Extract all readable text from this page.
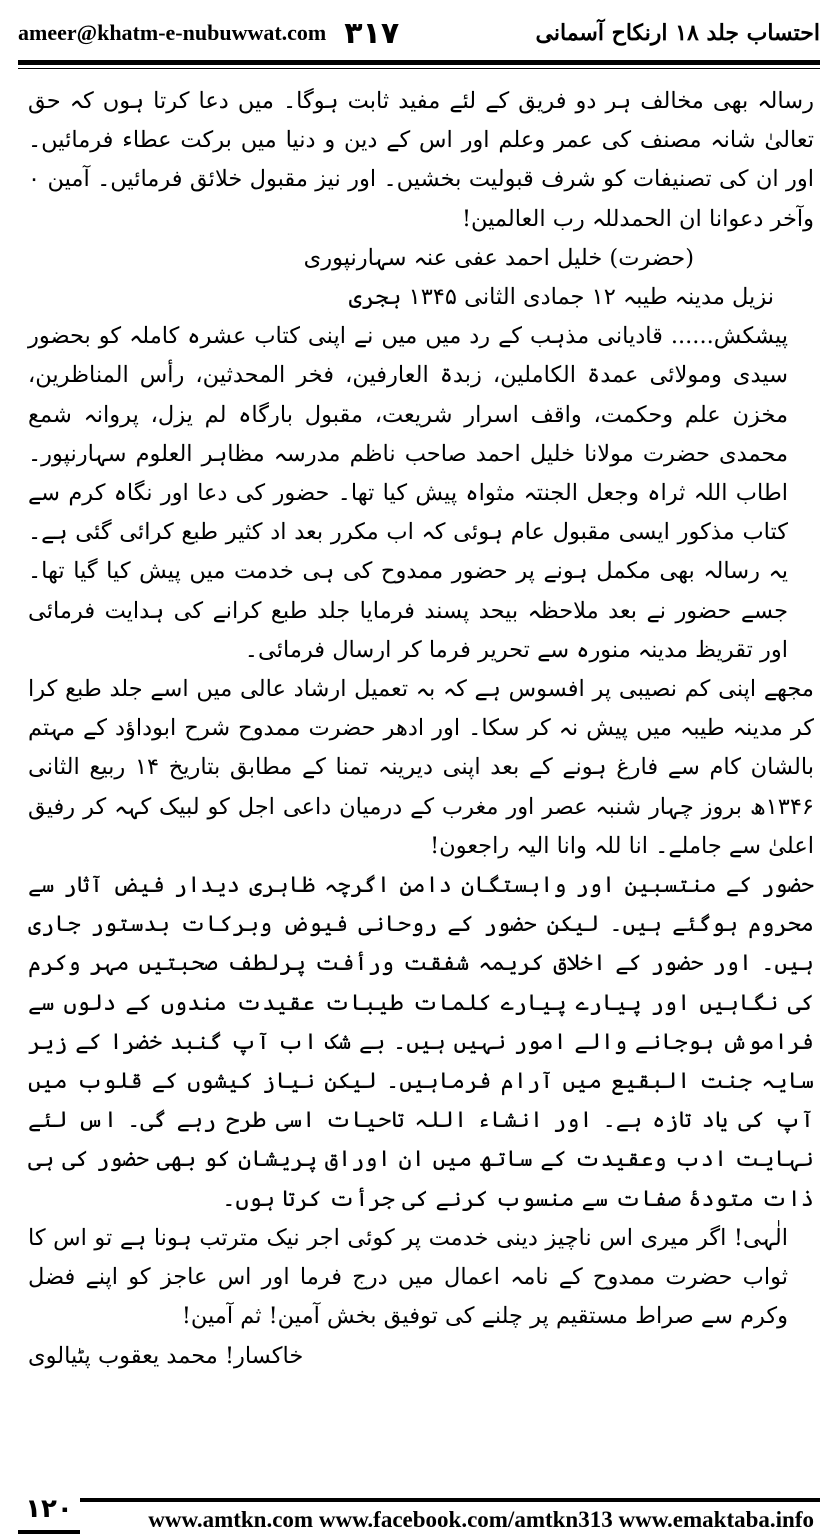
ameer@khatm-e-nubuwwat.com ۳۱۷	احتساب جلد ۱۸ ارنکاح آسمانی

رسالہ بھی مخالف ہر دو فریق کے لئے مفید ثابت ہوگا۔ میں دعا کرتا ہوں کہ حق تعالیٰ شانہ مصنف کی عمر وعلم اور اس کے دین و دنیا میں برکت عطاء فرمائیں۔ اور ان کی تصنیفات کو شرف قبولیت بخشیں۔ اور نیز مقبول خلائق فرمائیں۔ آمین ۰ وآخر دعوانا ان الحمدللہ رب العالمین!

(حضرت) خلیل احمد عفی عنہ سہارنپوری

نزیل مدینہ طیبہ ۱۲ جمادی الثانی ۱۳۴۵ ہجری

پیشکش...... قادیانی مذہب کے رد میں میں نے اپنی کتاب عشرہ کاملہ کو بحضور سیدی ومولائی عمدۃ الکاملین، زبدۃ العارفین، فخر المحدثین، رأس المناظرین، مخزن علم وحکمت، واقف اسرار شریعت، مقبول بارگاہ لم یزل، پروانہ شمع محمدی حضرت مولانا خلیل احمد صاحب ناظم مدرسہ مظاہر العلوم سہارنپور۔ اطاب اللہ ثراہ وجعل الجنتہ مثواہ پیش کیا تھا۔ حضور کی دعا اور نگاہ کرم سے کتاب مذکور ایسی مقبول عام ہوئی کہ اب مکرر بعد اد کثیر طبع کرائی گئی ہے۔ یہ رسالہ بھی مکمل ہونے پر حضور ممدوح کی ہی خدمت میں پیش کیا گیا تھا۔ جسے حضور نے بعد ملاحظہ بیحد پسند فرمایا جلد طبع کرانے کی ہدایت فرمائی اور تقریظ مدینہ منورہ سے تحریر فرما کر ارسال فرمائی۔

مجھے اپنی کم نصیبی پر افسوس ہے کہ بہ تعمیل ارشاد عالی میں اسے جلد طبع کرا کر مدینہ طیبہ میں پیش نہ کر سکا۔ اور ادھر حضرت ممدوح شرح ابوداؤد کے مہتم بالشان کام سے فارغ ہونے کے بعد اپنی دیرینہ تمنا کے مطابق بتاریخ ۱۴ ربیع الثانی ۱۳۴۶ھ بروز چہار شنبہ عصر اور مغرب کے درمیان داعی اجل کو لبیک کہہ کر رفیق اعلیٰ سے جاملے۔ انا للہ وانا الیہ راجعون!

حضور کے منتسبین اور وابستگان دامن اگرچہ ظاہری دیدار فیض آثار سے محروم ہوگئے ہیں۔ لیکن حضور کے روحانی فیوض وبرکات بدستور جاری ہیں۔ اور حضور کے اخلاق کریمہ شفقت ورأفت پرلطف صحبتیں مہر وکرم کی نگاہیں اور پیارے پیارے کلمات طیبات عقیدت مندوں کے دلوں سے فراموش ہوجانے والے امور نہیں ہیں۔ بے شک اب آپ گنبد خضرا کے زیر سایہ جنت البقیع میں آرام فرماہیں۔ لیکن نیاز کیشوں کے قلوب میں آپ کی یاد تازہ ہے۔ اور انشاء اللہ تاحیات اسی طرح رہے گی۔ اس لئے نہایت ادب وعقیدت کے ساتھ میں ان اوراق پریشان کو بھی حضور کی ہی ذات متودۂ صفات سے منسوب کرنے کی جرأت کرتا ہوں۔

الٰہی! اگر میری اس ناچیز دینی خدمت پر کوئی اجر نیک مترتب ہونا ہے تو اس کا ثواب حضرت ممدوح کے نامہ اعمال میں درج فرما اور اس عاجز کو اپنے فضل وکرم سے صراط مستقیم پر چلنے کی توفیق بخش آمین! ثم آمین!

خاکسار! محمد یعقوب پٹیالوی

۱۲۰	www.amtkn.com www.facebook.com/amtkn313 www.emaktaba.info
